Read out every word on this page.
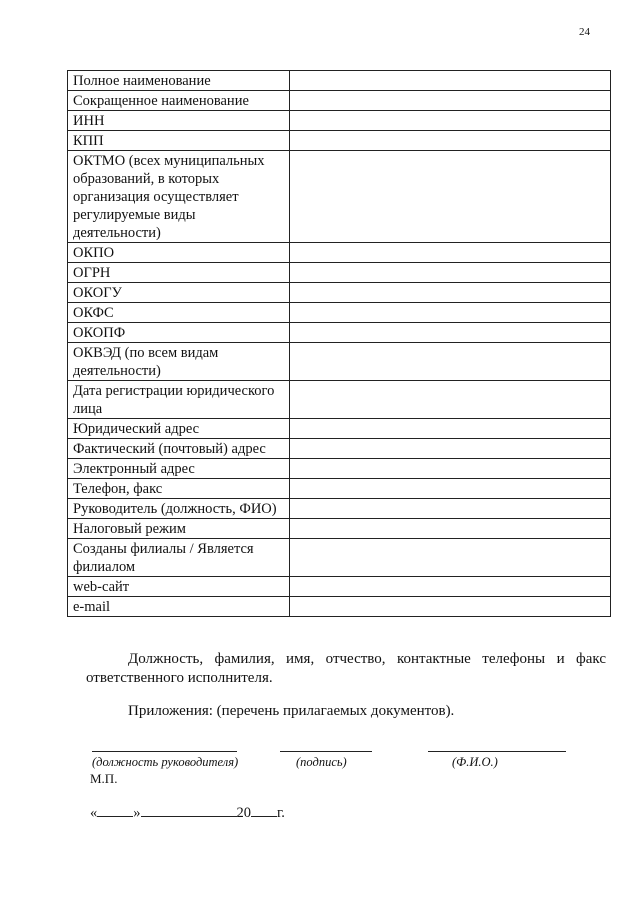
24
Полное наименование	
Сокращенное наименование	
ИНН	
КПП	
ОКТМО (всех муниципальных образований, в которых организация осуществляет регулируемые виды деятельности)	
ОКПО	
ОГРН	
ОКОГУ	
ОКФС	
ОКОПФ	
ОКВЭД (по всем видам деятельности)	
Дата регистрации юридического лица	
Юридический адрес	
Фактический (почтовый) адрес	
Электронный адрес	
Телефон, факс	
Руководитель (должность, ФИО)	
Налоговый режим	
Созданы филиалы / Является филиалом	
web-сайт	
e-mail	

Должность, фамилия, имя, отчество, контактные телефоны и факс ответственного исполнителя.

Приложения: (перечень прилагаемых документов).

(должность руководителя)	(подпись)	(Ф.И.О.)
М.П.
« »	20 г.
